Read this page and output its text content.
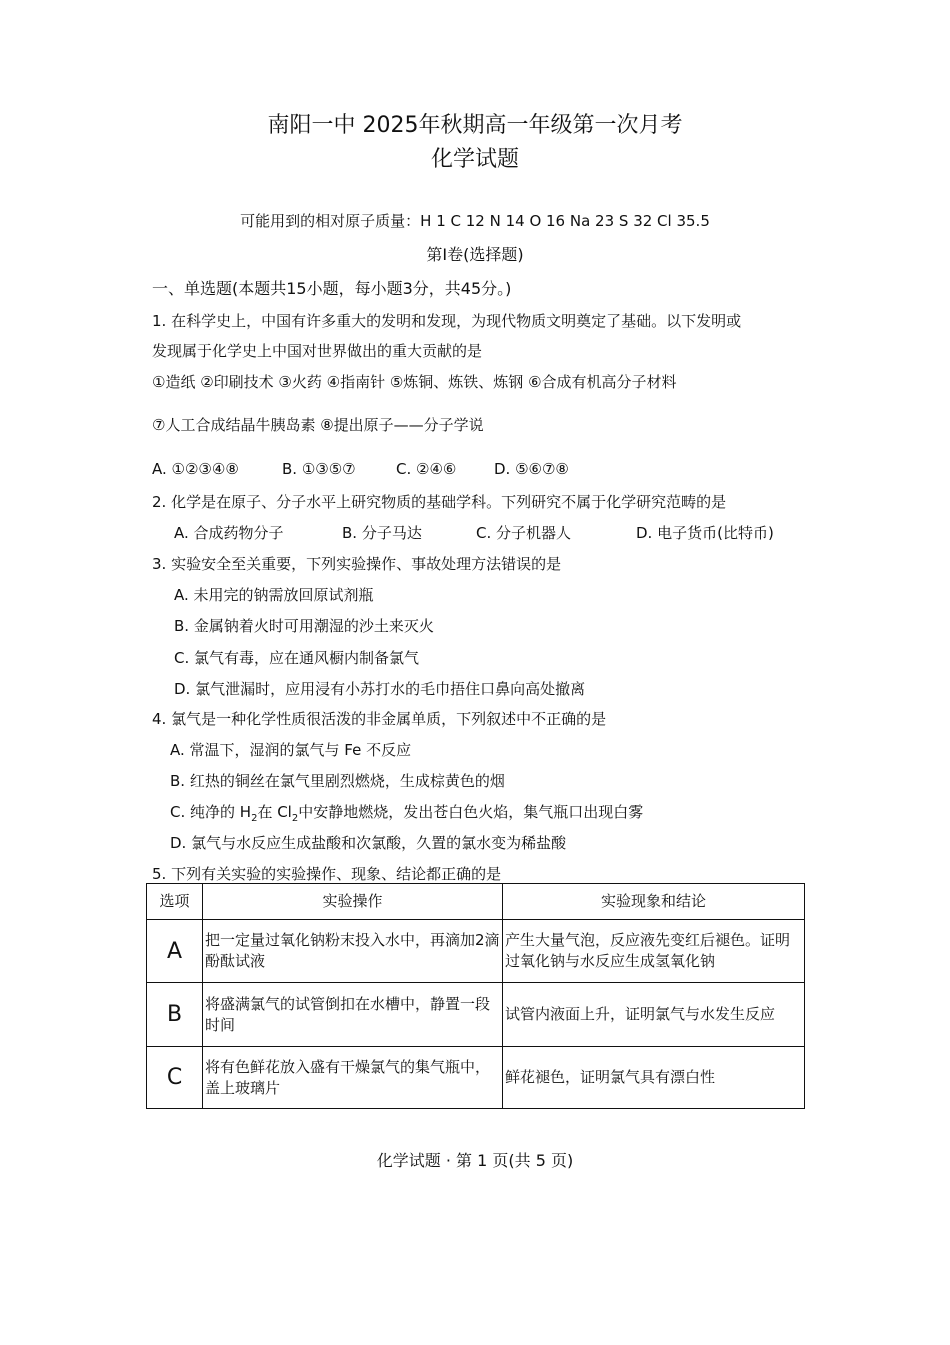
南阳一中 2025年秋期高一年级第一次月考
化学试题
可能用到的相对原子质量：H 1 C 12 N 14 O 16 Na 23 S 32 Cl 35.5
第Ⅰ卷(选择题)
一、单选题(本题共15小题，每小题3分，共45分。)
1. 在科学史上，中国有许多重大的发明和发现，为现代物质文明奠定了基础。以下发明或
发现属于化学史上中国对世界做出的重大贡献的是
①造纸 ②印刷技术 ③火药 ④指南针 ⑤炼铜、炼铁、炼钢 ⑥合成有机高分子材料
⑦人工合成结晶牛胰岛素 ⑧提出原子——分子学说
A. ①②③④⑧	B. ①③⑤⑦	C. ②④⑥	D. ⑤⑥⑦⑧
2. 化学是在原子、分子水平上研究物质的基础学科。下列研究不属于化学研究范畴的是
A. 合成药物分子	B. 分子马达	C. 分子机器人	D. 电子货币(比特币)
3. 实验安全至关重要，下列实验操作、事故处理方法错误的是
A. 未用完的钠需放回原试剂瓶
B. 金属钠着火时可用潮湿的沙土来灭火
C. 氯气有毒，应在通风橱内制备氯气
D. 氯气泄漏时，应用浸有小苏打水的毛巾捂住口鼻向高处撤离
4. 氯气是一种化学性质很活泼的非金属单质，下列叙述中不正确的是
A. 常温下，湿润的氯气与 Fe 不反应
B. 红热的铜丝在氯气里剧烈燃烧，生成棕黄色的烟
C. 纯净的 $H_2$在 $Cl_2$中安静地燃烧，发出苍白色火焰，集气瓶口出现白雾
D. 氯气与水反应生成盐酸和次氯酸，久置的氯水变为稀盐酸
5. 下列有关实验的实验操作、现象、结论都正确的是
选项	实验操作	实验现象和结论
A	把一定量过氧化钠粉末投入水中，再滴加2滴酚酞试液	产生大量气泡，反应液先变红后褪色。证明过氧化钠与水反应生成氢氧化钠
B	将盛满氯气的试管倒扣在水槽中，静置一段时间	试管内液面上升，证明氯气与水发生反应
C	将有色鲜花放入盛有干燥氯气的集气瓶中，盖上玻璃片	鲜花褪色，证明氯气具有漂白性
化学试题 · 第 1 页(共 5 页)
